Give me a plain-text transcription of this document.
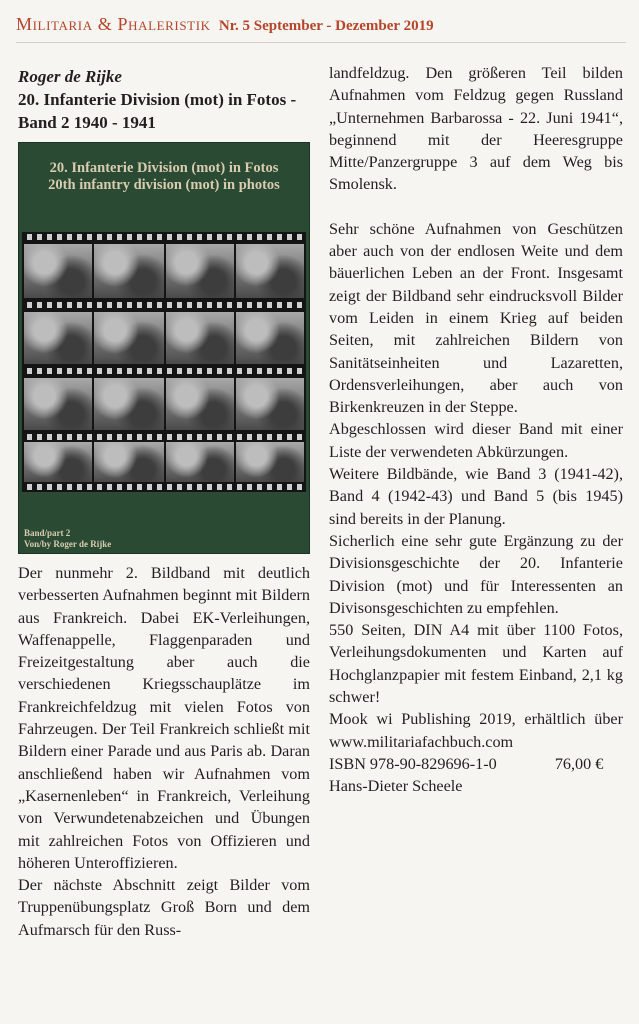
Militaria & Phaleristik Nr. 5 September - Dezember 2019

Roger de Rijke

20. Infanterie Division (mot) in Fotos - Band 2 1940 - 1941

20. Infanterie Division (mot) in Fotos
20th infantry division (mot) in photos
Band/part 2
Von/by Roger de Rijke

Der nunmehr 2. Bildband mit deutlich verbesserten Aufnahmen beginnt mit Bildern aus Frankreich. Dabei EK-Verleihungen, Waffenappelle, Flaggenparaden und Freizeitgestaltung aber auch die verschiedenen Kriegsschauplätze im Frankreichfeldzug mit vielen Fotos von Fahrzeugen. Der Teil Frankreich schließt mit Bildern einer Parade und aus Paris ab. Daran anschließend haben wir Aufnahmen vom „Kasernenleben“ in Frankreich, Verleihung von Verwundetenabzeichen und Übungen mit zahlreichen Fotos von Offizieren und höheren Unteroffizieren.

Der nächste Abschnitt zeigt Bilder vom Truppenübungsplatz Groß Born und dem Aufmarsch für den Russ-

landfeldzug. Den größeren Teil bilden Aufnahmen vom Feldzug gegen Russland „Unternehmen Barbarossa - 22. Juni 1941“, beginnend mit der Heeresgruppe Mitte/Panzergruppe 3 auf dem Weg bis Smolensk.

Sehr schöne Aufnahmen von Geschützen aber auch von der endlosen Weite und dem bäuerlichen Leben an der Front. Insgesamt zeigt der Bildband sehr eindrucksvoll Bilder vom Leiden in einem Krieg auf beiden Seiten, mit zahlreichen Bildern von Sanitätseinheiten und Lazaretten, Ordensverleihungen, aber auch von Birkenkreuzen in der Steppe.

Abgeschlossen wird dieser Band mit einer Liste der verwendeten Abkürzungen.

Weitere Bildbände, wie Band 3 (1941-42), Band 4 (1942-43) und Band 5 (bis 1945) sind bereits in der Planung.

Sicherlich eine sehr gute Ergänzung zu der Divisionsgeschichte der 20. Infanterie Division (mot) und für Interessenten an Divisonsgeschichten zu empfehlen.

550 Seiten, DIN A4 mit über 1100 Fotos, Verleihungsdokumenten und Karten auf Hochglanzpapier mit festem Einband, 2,1 kg schwer!

Mook wi Publishing 2019, erhältlich über www.militariafachbuch.com

ISBN 978-90-829696-1-0	76,00 €

Hans-Dieter Scheele
